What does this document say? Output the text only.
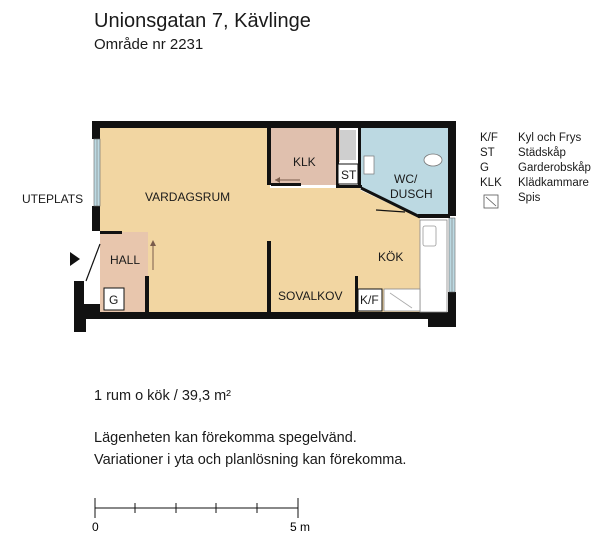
Unionsgatan 7, Kävlinge
Område nr 2231
VARDAGSRUM
KLK
ST	WC/
DUSCH
KÖK
HALL
G	SOVALKOV K/F
UTEPLATS
0	5 m
K/F	Kyl och Frys
ST	Städskåp
G	Garderobskåp
KLK	Klädkammare
Spis
1 rum o kök / 39,3 m²
Lägenheten kan förekomma spegelvänd.
Variationer i yta och planlösning kan förekomma.
